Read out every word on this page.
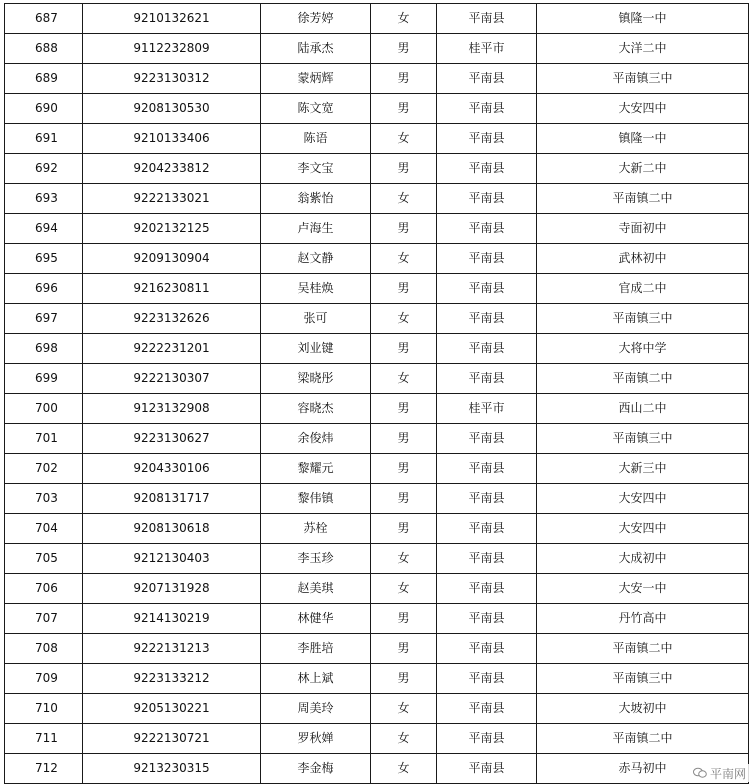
687	9210132621	徐芳婷	女	平南县	镇隆一中
688	9112232809	陆承杰	男	桂平市	大洋二中
689	9223130312	蒙炳辉	男	平南县	平南镇三中
690	9208130530	陈文宽	男	平南县	大安四中
691	9210133406	陈语	女	平南县	镇隆一中
692	9204233812	李文宝	男	平南县	大新二中
693	9222133021	翁紫怡	女	平南县	平南镇二中
694	9202132125	卢海生	男	平南县	寺面初中
695	9209130904	赵文静	女	平南县	武林初中
696	9216230811	吴桂焕	男	平南县	官成二中
697	9223132626	张可	女	平南县	平南镇三中
698	9222231201	刘业键	男	平南县	大将中学
699	9222130307	梁晓彤	女	平南县	平南镇二中
700	9123132908	容晓杰	男	桂平市	西山二中
701	9223130627	余俊炜	男	平南县	平南镇三中
702	9204330106	黎耀元	男	平南县	大新三中
703	9208131717	黎伟镇	男	平南县	大安四中
704	9208130618	苏栓	男	平南县	大安四中
705	9212130403	李玉珍	女	平南县	大成初中
706	9207131928	赵美琪	女	平南县	大安一中
707	9214130219	林健华	男	平南县	丹竹高中
708	9222131213	李胜培	男	平南县	平南镇二中
709	9223133212	林上斌	男	平南县	平南镇三中
710	9205130221	周美玲	女	平南县	大坡初中
711	9222130721	罗秋婵	女	平南县	平南镇二中
712	9213230315	李金梅	女	平南县	赤马初中	平南网
